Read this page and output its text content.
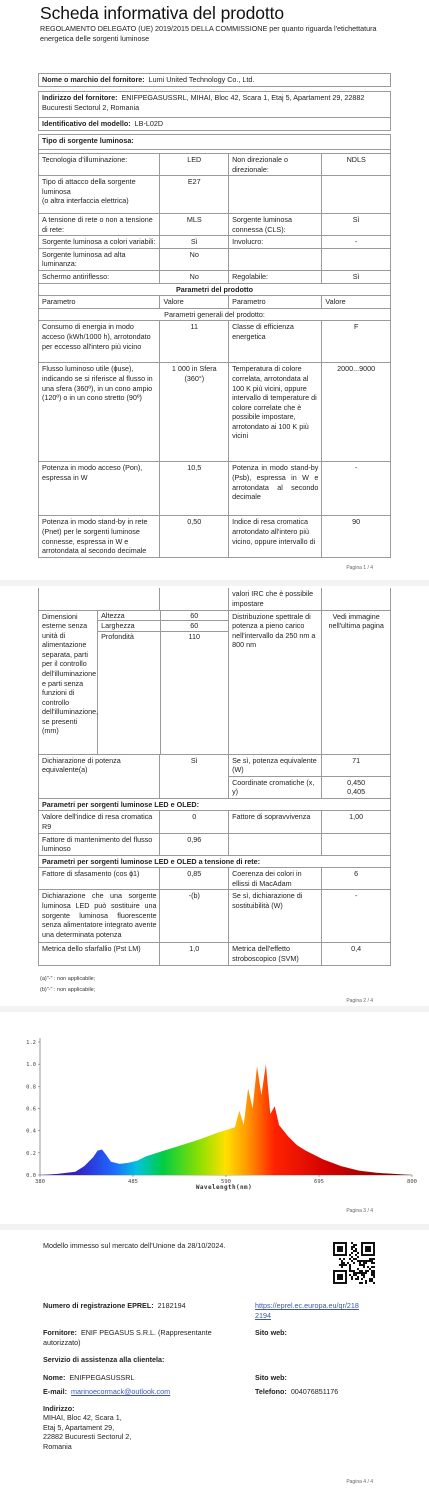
Scheda informativa del prodotto
REGOLAMENTO DELEGATO (UE) 2019/2015 DELLA COMMISSIONE per quanto riguarda l'etichettatura energetica delle sorgenti luminose
Nome o marchio del fornitore: Lumi United Technology Co., Ltd.
Indirizzo del fornitore: ENIFPEGASUSSRL, MIHAI, Bloc 42, Scara 1, Etaj 5, Apartament 29, 22882 Bucuresti Sectorul 2, Romania
Identificativo del modello: LB-L02D
Tipo di sorgente luminosa:			

Tecnologia d'illuminazione:	LED	Non direzionale o direzionale:	NDLS
Tipo di attacco della sorgente luminosa
(o altra interfaccia elettrica)	E27		
A tensione di rete o non a tensione di rete:	MLS	Sorgente luminosa connessa (CLS):	Sì
Sorgente luminosa a colori variabili:	Sì	Involucro:	-
Sorgente luminosa ad alta luminanza:	No		
Schermo antiriflesso:	No	Regolabile:	Sì
Parametri del prodotto			
Parametro	Valore	Parametro	Valore
Parametri generali del prodotto:			
Consumo di energia in modo acceso (kWh/1000 h), arrotondato per eccesso all'intero più vicino	11	Classe di efficienza energetica	F
Flusso luminoso utile (ɸuse), indicando se si riferisce al flusso in una sfera (360º), in un cono ampio (120º) o in un cono stretto (90º)	1 000 in Sfera (360°)	Temperatura di colore correlata, arrotondata al 100 K più vicini, oppure intervallo di temperature di colore correlate che è possibile impostare, arrotondato ai 100 K più vicini	2000...9000
Potenza in modo acceso (Pon), espressa in W	10,5	Potenza in modo stand-by (Psb), espressa in W e arrotondata al secondo decimale	-
Potenza in modo stand-by in rete (Pnet) per le sorgenti luminose connesse, espressa in W e arrotondata al secondo decimale	0,50	Indice di resa cromatica arrotondato all'intero più vicino, oppure intervallo di	90
Pagina 1 / 4
		valori IRC che è possibile impostare	

Dimensioni esterne senza unità di alimentazione separata, parti per il controllo dell'illuminazione e parti senza funzioni di controllo dell'illuminazione, se presenti (mm)	Altezza	60
Larghezza	60
Profondità	110
	Distribuzione spettrale di potenza a pieno carico nell'intervallo da 250 nm a 800 nm	Vedi immagine nell'ultima pagina
Dichiarazione di potenza equivalente(a)	Sì	Se sì, potenza equivalente (W)	71
Coordinate cromatiche (x, y)	0,450
0,405
Parametri per sorgenti luminose LED e OLED:
Valore dell'indice di resa cromatica R9	0	Fattore di sopravvivenza	1,00
Fattore di mantenimento del flusso luminoso	0,96		
Parametri per sorgenti luminose LED e OLED a tensione di rete:
Fattore di sfasamento (cos ɸ1)	0,85	Coerenza dei colori in ellissi di MacAdam	6
Dichiarazione che una sorgente luminosa LED può sostituire una sorgente luminosa fluorescente senza alimentatore integrato avente una determinata potenza	-(b)	Se sì, dichiarazione di sostituibilità (W)	-
Metrica dello sfarfallio (Pst LM)	1,0	Metrica dell'effetto stroboscopico (SVM)	0,4
(a)"-" : non applicabile;
(b)"-" : non applicabile;
Pagina 2 / 4
0.0
0.2
0.4
0.6
0.8
1.0
1.2
380	485	590	695	800
Wavelength(nm)
Pagina 3 / 4
Modello immesso sul mercato dell'Unione da 28/10/2024.
Numero di registrazione EPREL: 2182194	https://eprel.ec.europa.eu/qr/2182194
Fornitore: ENIF PEGASUS S.R.L. (Rappresentante autorizzato)
Sito web:
Servizio di assistenza alla clientela:
Nome: ENIFPEGASUSSRL	Sito web:
E-mail: marinoecormack@outlook.com	Telefono: 004076851176
Indirizzo:
MIHAI, Bloc 42, Scara 1,
Etaj 5, Apartament 29,
22882 Bucuresti Sectorul 2,
Romania
Pagina 4 / 4
